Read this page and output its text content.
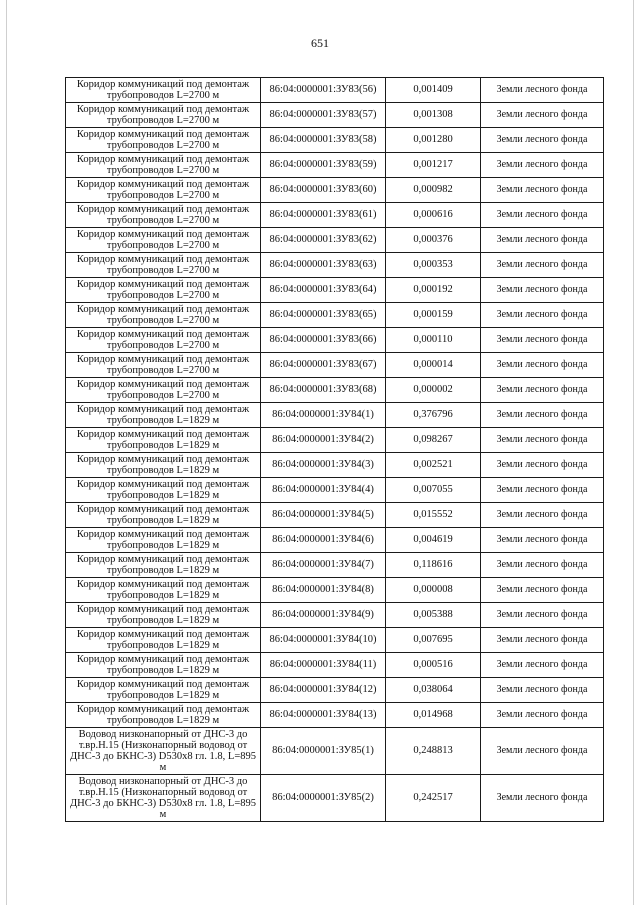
651
Коридор коммуникаций под демонтаж трубопроводов L=2700 м	86:04:0000001:ЗУ83(56)	0,001409	Земли лесного фонда
Коридор коммуникаций под демонтаж трубопроводов L=2700 м	86:04:0000001:ЗУ83(57)	0,001308	Земли лесного фонда
Коридор коммуникаций под демонтаж трубопроводов L=2700 м	86:04:0000001:ЗУ83(58)	0,001280	Земли лесного фонда
Коридор коммуникаций под демонтаж трубопроводов L=2700 м	86:04:0000001:ЗУ83(59)	0,001217	Земли лесного фонда
Коридор коммуникаций под демонтаж трубопроводов L=2700 м	86:04:0000001:ЗУ83(60)	0,000982	Земли лесного фонда
Коридор коммуникаций под демонтаж трубопроводов L=2700 м	86:04:0000001:ЗУ83(61)	0,000616	Земли лесного фонда
Коридор коммуникаций под демонтаж трубопроводов L=2700 м	86:04:0000001:ЗУ83(62)	0,000376	Земли лесного фонда
Коридор коммуникаций под демонтаж трубопроводов L=2700 м	86:04:0000001:ЗУ83(63)	0,000353	Земли лесного фонда
Коридор коммуникаций под демонтаж трубопроводов L=2700 м	86:04:0000001:ЗУ83(64)	0,000192	Земли лесного фонда
Коридор коммуникаций под демонтаж трубопроводов L=2700 м	86:04:0000001:ЗУ83(65)	0,000159	Земли лесного фонда
Коридор коммуникаций под демонтаж трубопроводов L=2700 м	86:04:0000001:ЗУ83(66)	0,000110	Земли лесного фонда
Коридор коммуникаций под демонтаж трубопроводов L=2700 м	86:04:0000001:ЗУ83(67)	0,000014	Земли лесного фонда
Коридор коммуникаций под демонтаж трубопроводов L=2700 м	86:04:0000001:ЗУ83(68)	0,000002	Земли лесного фонда
Коридор коммуникаций под демонтаж трубопроводов L=1829 м	86:04:0000001:ЗУ84(1)	0,376796	Земли лесного фонда
Коридор коммуникаций под демонтаж трубопроводов L=1829 м	86:04:0000001:ЗУ84(2)	0,098267	Земли лесного фонда
Коридор коммуникаций под демонтаж трубопроводов L=1829 м	86:04:0000001:ЗУ84(3)	0,002521	Земли лесного фонда
Коридор коммуникаций под демонтаж трубопроводов L=1829 м	86:04:0000001:ЗУ84(4)	0,007055	Земли лесного фонда
Коридор коммуникаций под демонтаж трубопроводов L=1829 м	86:04:0000001:ЗУ84(5)	0,015552	Земли лесного фонда
Коридор коммуникаций под демонтаж трубопроводов L=1829 м	86:04:0000001:ЗУ84(6)	0,004619	Земли лесного фонда
Коридор коммуникаций под демонтаж трубопроводов L=1829 м	86:04:0000001:ЗУ84(7)	0,118616	Земли лесного фонда
Коридор коммуникаций под демонтаж трубопроводов L=1829 м	86:04:0000001:ЗУ84(8)	0,000008	Земли лесного фонда
Коридор коммуникаций под демонтаж трубопроводов L=1829 м	86:04:0000001:ЗУ84(9)	0,005388	Земли лесного фонда
Коридор коммуникаций под демонтаж трубопроводов L=1829 м	86:04:0000001:ЗУ84(10)	0,007695	Земли лесного фонда
Коридор коммуникаций под демонтаж трубопроводов L=1829 м	86:04:0000001:ЗУ84(11)	0,000516	Земли лесного фонда
Коридор коммуникаций под демонтаж трубопроводов L=1829 м	86:04:0000001:ЗУ84(12)	0,038064	Земли лесного фонда
Коридор коммуникаций под демонтаж трубопроводов L=1829 м	86:04:0000001:ЗУ84(13)	0,014968	Земли лесного фонда
Водовод низконапорный от ДНС-3 до т.вр.Н.15 (Низконапорный водовод от ДНС-3 до БКНС-3) D530x8 гл. 1.8, L=895 м	86:04:0000001:ЗУ85(1)	0,248813	Земли лесного фонда
Водовод низконапорный от ДНС-3 до т.вр.Н.15 (Низконапорный водовод от ДНС-3 до БКНС-3) D530x8 гл. 1.8, L=895 м	86:04:0000001:ЗУ85(2)	0,242517	Земли лесного фонда
